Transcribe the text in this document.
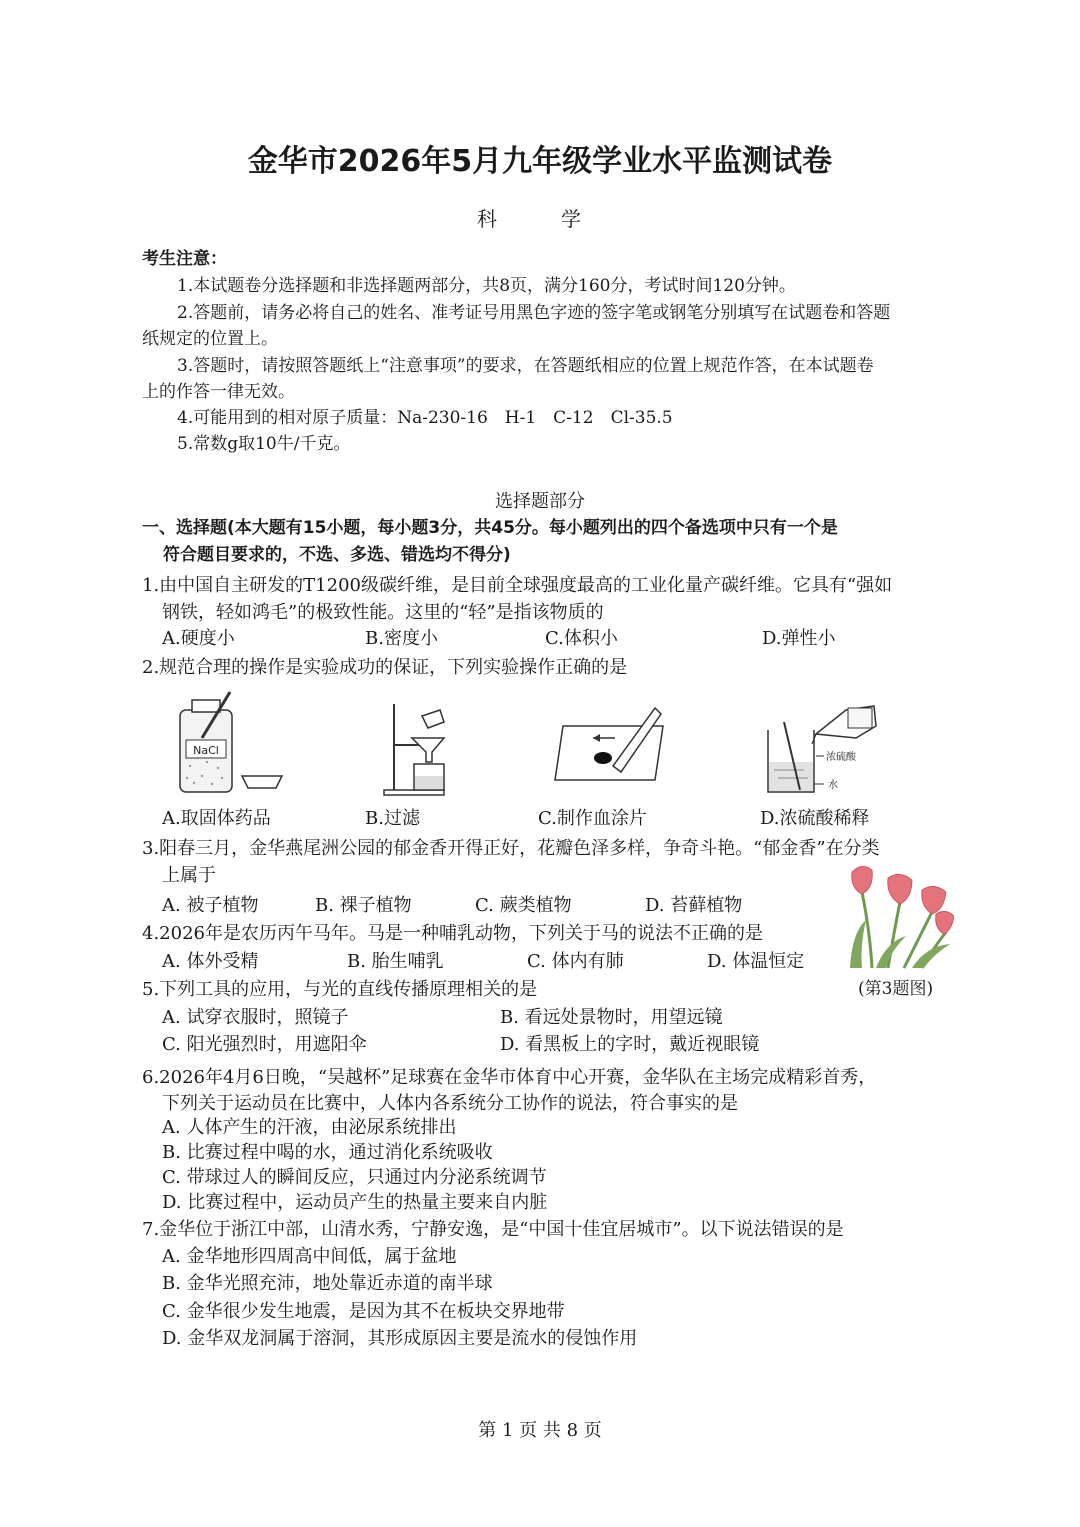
金华市2026年5月九年级学业水平监测试卷
科　学
考生注意：
1.本试题卷分选择题和非选择题两部分，共8页，满分160分，考试时间120分钟。
2.答题前，请务必将自己的姓名、准考证号用黑色字迹的签字笔或钢笔分别填写在试题卷和答题
纸规定的位置上。
3.答题时，请按照答题纸上“注意事项”的要求，在答题纸相应的位置上规范作答，在本试题卷
上的作答一律无效。
4.可能用到的相对原子质量：Na-230-16　H-1　C-12　Cl-35.5
5.常数g取10牛/千克。
选择题部分
一、选择题(本大题有15小题，每小题3分，共45分。每小题列出的四个备选项中只有一个是
符合题目要求的，不选、多选、错选均不得分)
1.由中国自主研发的T1200级碳纤维，是目前全球强度最高的工业化量产碳纤维。它具有“强如
钢铁，轻如鸿毛”的极致性能。这里的“轻”是指该物质的
A.硬度小	B.密度小	C.体积小	D.弹性小
2.规范合理的操作是实验成功的保证，下列实验操作正确的是
NaCl
浓硫酸
水
A.取固体药品	B.过滤	C.制作血涂片	D.浓硫酸稀释
3.阳春三月，金华燕尾洲公园的郁金香开得正好，花瓣色泽多样，争奇斗艳。“郁金香”在分类
上属于
A. 被子植物	B. 裸子植物	C. 蕨类植物	D. 苔藓植物
(第3题图)
4.2026年是农历丙午马年。马是一种哺乳动物，下列关于马的说法不正确的是
A. 体外受精	B. 胎生哺乳	C. 体内有肺	D. 体温恒定
5.下列工具的应用，与光的直线传播原理相关的是
A. 试穿衣服时，照镜子	B. 看远处景物时，用望远镜
C. 阳光强烈时，用遮阳伞	D. 看黑板上的字时，戴近视眼镜
6.2026年4月6日晚，“吴越杯”足球赛在金华市体育中心开赛，金华队在主场完成精彩首秀，
下列关于运动员在比赛中，人体内各系统分工协作的说法，符合事实的是
A. 人体产生的汗液，由泌尿系统排出
B. 比赛过程中喝的水，通过消化系统吸收
C. 带球过人的瞬间反应，只通过内分泌系统调节
D. 比赛过程中，运动员产生的热量主要来自内脏
7.金华位于浙江中部，山清水秀，宁静安逸，是“中国十佳宜居城市”。以下说法错误的是
A. 金华地形四周高中间低，属于盆地
B. 金华光照充沛，地处靠近赤道的南半球
C. 金华很少发生地震，是因为其不在板块交界地带
D. 金华双龙洞属于溶洞，其形成原因主要是流水的侵蚀作用
第 1 页 共 8 页
